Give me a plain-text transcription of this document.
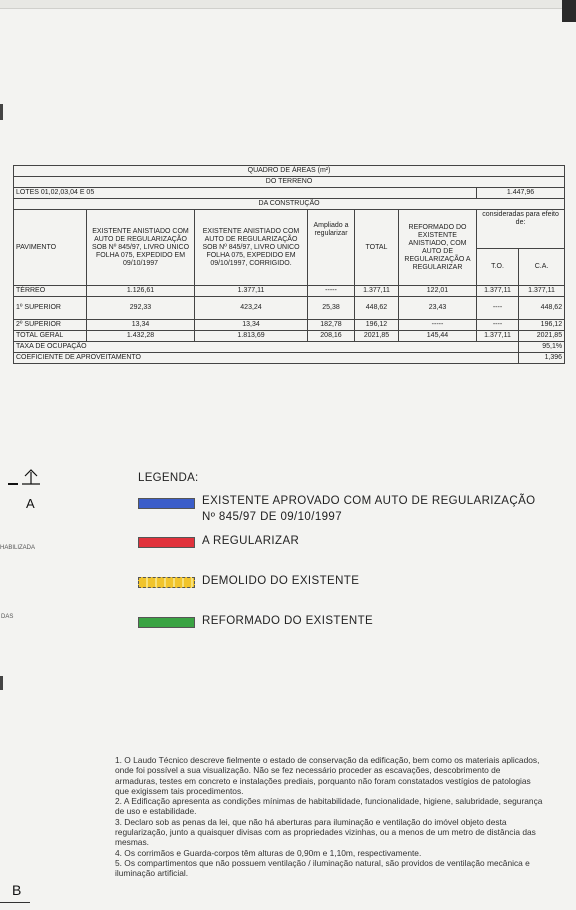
QUADRO DE ÁREAS (m²)							
DO TERRENO							
LOTES 01,02,03,04 E 05						1.447,96	
DA CONSTRUÇÃO							
PAVIMENTO	EXISTENTE ANISTIADO COM AUTO DE REGULARIZAÇÃO SOB Nº 845/97, LIVRO UNICO FOLHA 075, EXPEDIDO EM 09/10/1997	EXISTENTE ANISTIADO COM AUTO DE REGULARIZAÇÃO SOB Nº 845/97, LIVRO UNICO FOLHA 075, EXPEDIDO EM 09/10/1997, CORRIGIDO.	Ampliado a regularizar	TOTAL	REFORMADO DO EXISTENTE ANISTIADO, COM AUTO DE REGULARIZAÇÃO A REGULARIZAR	consideradas para efeito de:	
						T.O.	C.A.
TÉRREO	1.126,61	1.377,11	-----	1.377,11	122,01	1.377,11	1.377,11
1º SUPERIOR	292,33	423,24	25,38	448,62	23,43	----	448,62
2º SUPERIOR	13,34	13,34	182,78	196,12	-----	----	196,12
TOTAL GERAL	1.432,28	1.813,69	208,16	2021,85	145,44	1.377,11	2021,85
TAXA DE OCUPAÇÃO							95,1%
COEFICIENTE DE APROVEITAMENTO							1,396
A
HABILIZADA
DAS
B
LEGENDA:
EXISTENTE APROVADO COM AUTO DE REGULARIZAÇÃO
Nº 845/97 DE 09/10/1997
A REGULARIZAR
DEMOLIDO DO EXISTENTE
REFORMADO DO EXISTENTE

1. O Laudo Técnico descreve fielmente o estado de conservação da edificação, bem como os materiais aplicados, onde foi possível a sua visualização. Não se fez necessário proceder as escavações, descobrimento de armaduras, testes em concreto e instalações prediais, porquanto não foram constatados vestígios de patologias que exigissem tais procedimentos.

2. A Edificação apresenta as condições mínimas de habitabilidade, funcionalidade, higiene, salubridade, segurança de uso e estabilidade.

3. Declaro sob as penas da lei, que não há aberturas para iluminação e ventilação do imóvel objeto desta regularização, junto a quaisquer divisas com as propriedades vizinhas, ou a menos de um metro de distância das mesmas.

4. Os corrimãos e Guarda-corpos têm alturas de 0,90m e 1,10m, respectivamente.

5. Os compartimentos que não possuem ventilação / iluminação natural, são providos de ventilação mecânica e iluminação artificial.
